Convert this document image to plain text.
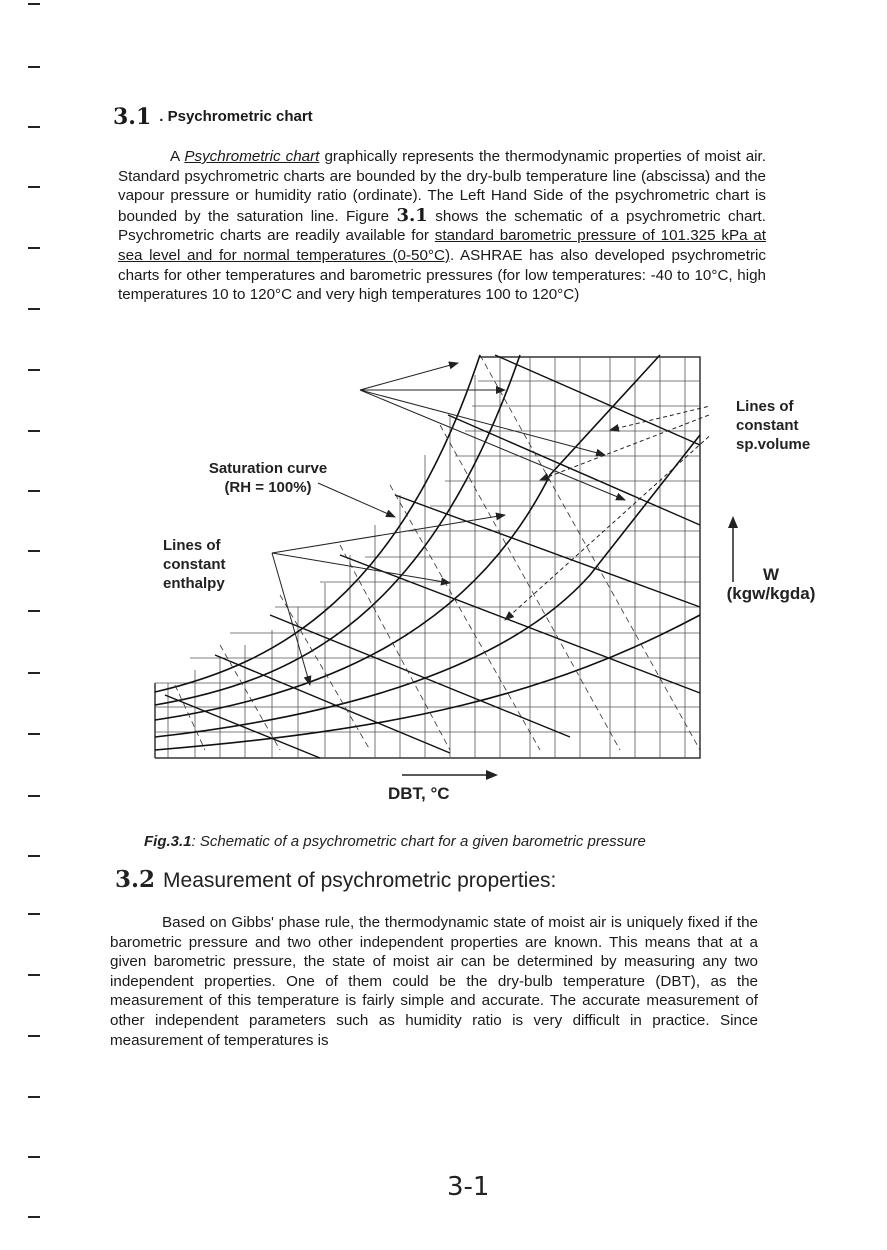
3.1 . Psychrometric chart

A Psychrometric chart graphically represents the thermodynamic properties of moist air. Standard psychrometric charts are bounded by the dry-bulb temperature line (abscissa) and the vapour pressure or humidity ratio (ordinate). The Left Hand Side of the psychrometric chart is bounded by the saturation line. Figure 3.1 shows the schematic of a psychrometric chart. Psychrometric charts are readily available for standard barometric pressure of 101.325 kPa at sea level and for normal temperatures (0-50°C). ASHRAE has also developed psychrometric charts for other temperatures and barometric pressures (for low temperatures: -40 to 10°C, high temperatures 10 to 120°C and very high temperatures 100 to 120°C)

Saturation curve
(RH = 100%)
Lines of
constant
enthalpy
Lines of
constant
sp.volume
W
(kgw/kgda)
DBT, °C
Fig.3.1: Schematic of a psychrometric chart for a given barometric pressure
3.2 Measurement of psychrometric properties:

Based on Gibbs' phase rule, the thermodynamic state of moist air is uniquely fixed if the barometric pressure and two other independent properties are known. This means that at a given barometric pressure, the state of moist air can be determined by measuring any two independent properties. One of them could be the dry-bulb temperature (DBT), as the measurement of this temperature is fairly simple and accurate. The accurate measurement of other independent parameters such as humidity ratio is very difficult in practice. Since measurement of temperatures is

3-1
